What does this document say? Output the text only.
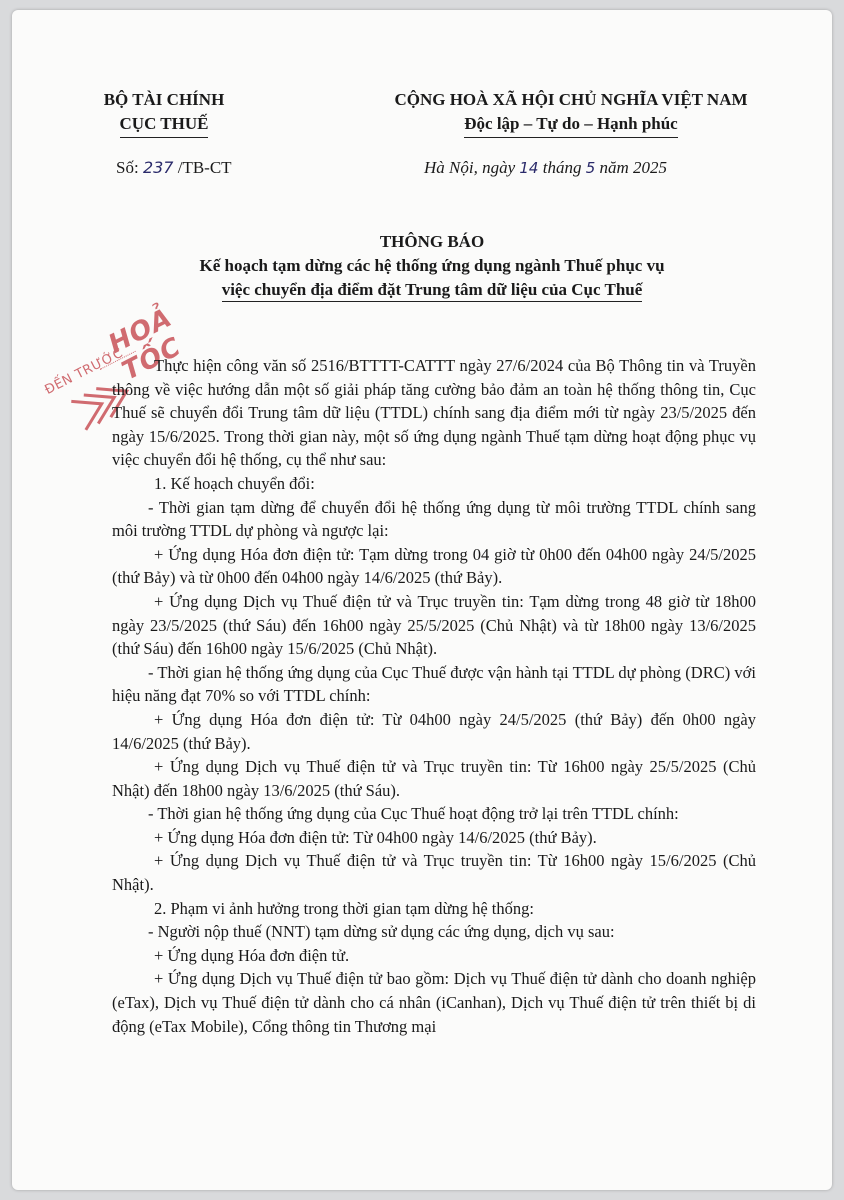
BỘ TÀI CHÍNH
CỤC THUẾ
CỘNG HOÀ XÃ HỘI CHỦ NGHĨA VIỆT NAM
Độc lập – Tự do – Hạnh phúc
Số: 237 /TB-CT	Hà Nội, ngày 14 tháng 5 năm 2025
THÔNG BÁO
Kế hoạch tạm dừng các hệ thống ứng dụng ngành Thuế phục vụ
việc chuyển địa điểm đặt Trung tâm dữ liệu của Cục Thuế
ĐẾN TRƯỚC
HOẢ TỐC

Thực hiện công văn số 2516/BTTTT-CATTT ngày 27/6/2024 của Bộ Thông tin và Truyền thông về việc hướng dẫn một số giải pháp tăng cường bảo đảm an toàn hệ thống thông tin, Cục Thuế sẽ chuyển đổi Trung tâm dữ liệu (TTDL) chính sang địa điểm mới từ ngày 23/5/2025 đến ngày 15/6/2025. Trong thời gian này, một số ứng dụng ngành Thuế tạm dừng hoạt động phục vụ việc chuyển đổi hệ thống, cụ thể như sau:

1. Kế hoạch chuyển đổi:

- Thời gian tạm dừng để chuyển đổi hệ thống ứng dụng từ môi trường TTDL chính sang môi trường TTDL dự phòng và ngược lại:

+ Ứng dụng Hóa đơn điện tử: Tạm dừng trong 04 giờ từ 0h00 đến 04h00 ngày 24/5/2025 (thứ Bảy) và từ 0h00 đến 04h00 ngày 14/6/2025 (thứ Bảy).

+ Ứng dụng Dịch vụ Thuế điện tử và Trục truyền tin: Tạm dừng trong 48 giờ từ 18h00 ngày 23/5/2025 (thứ Sáu) đến 16h00 ngày 25/5/2025 (Chủ Nhật) và từ 18h00 ngày 13/6/2025 (thứ Sáu) đến 16h00 ngày 15/6/2025 (Chủ Nhật).

- Thời gian hệ thống ứng dụng của Cục Thuế được vận hành tại TTDL dự phòng (DRC) với hiệu năng đạt 70% so với TTDL chính:

+ Ứng dụng Hóa đơn điện tử: Từ 04h00 ngày 24/5/2025 (thứ Bảy) đến 0h00 ngày 14/6/2025 (thứ Bảy).

+ Ứng dụng Dịch vụ Thuế điện tử và Trục truyền tin: Từ 16h00 ngày 25/5/2025 (Chủ Nhật) đến 18h00 ngày 13/6/2025 (thứ Sáu).

- Thời gian hệ thống ứng dụng của Cục Thuế hoạt động trở lại trên TTDL chính:

+ Ứng dụng Hóa đơn điện tử: Từ 04h00 ngày 14/6/2025 (thứ Bảy).

+ Ứng dụng Dịch vụ Thuế điện tử và Trục truyền tin: Từ 16h00 ngày 15/6/2025 (Chủ Nhật).

2. Phạm vi ảnh hưởng trong thời gian tạm dừng hệ thống:

- Người nộp thuế (NNT) tạm dừng sử dụng các ứng dụng, dịch vụ sau:

+ Ứng dụng Hóa đơn điện tử.

+ Ứng dụng Dịch vụ Thuế điện tử bao gồm: Dịch vụ Thuế điện tử dành cho doanh nghiệp (eTax), Dịch vụ Thuế điện tử dành cho cá nhân (iCanhan), Dịch vụ Thuế điện tử trên thiết bị di động (eTax Mobile), Cổng thông tin Thương mại
